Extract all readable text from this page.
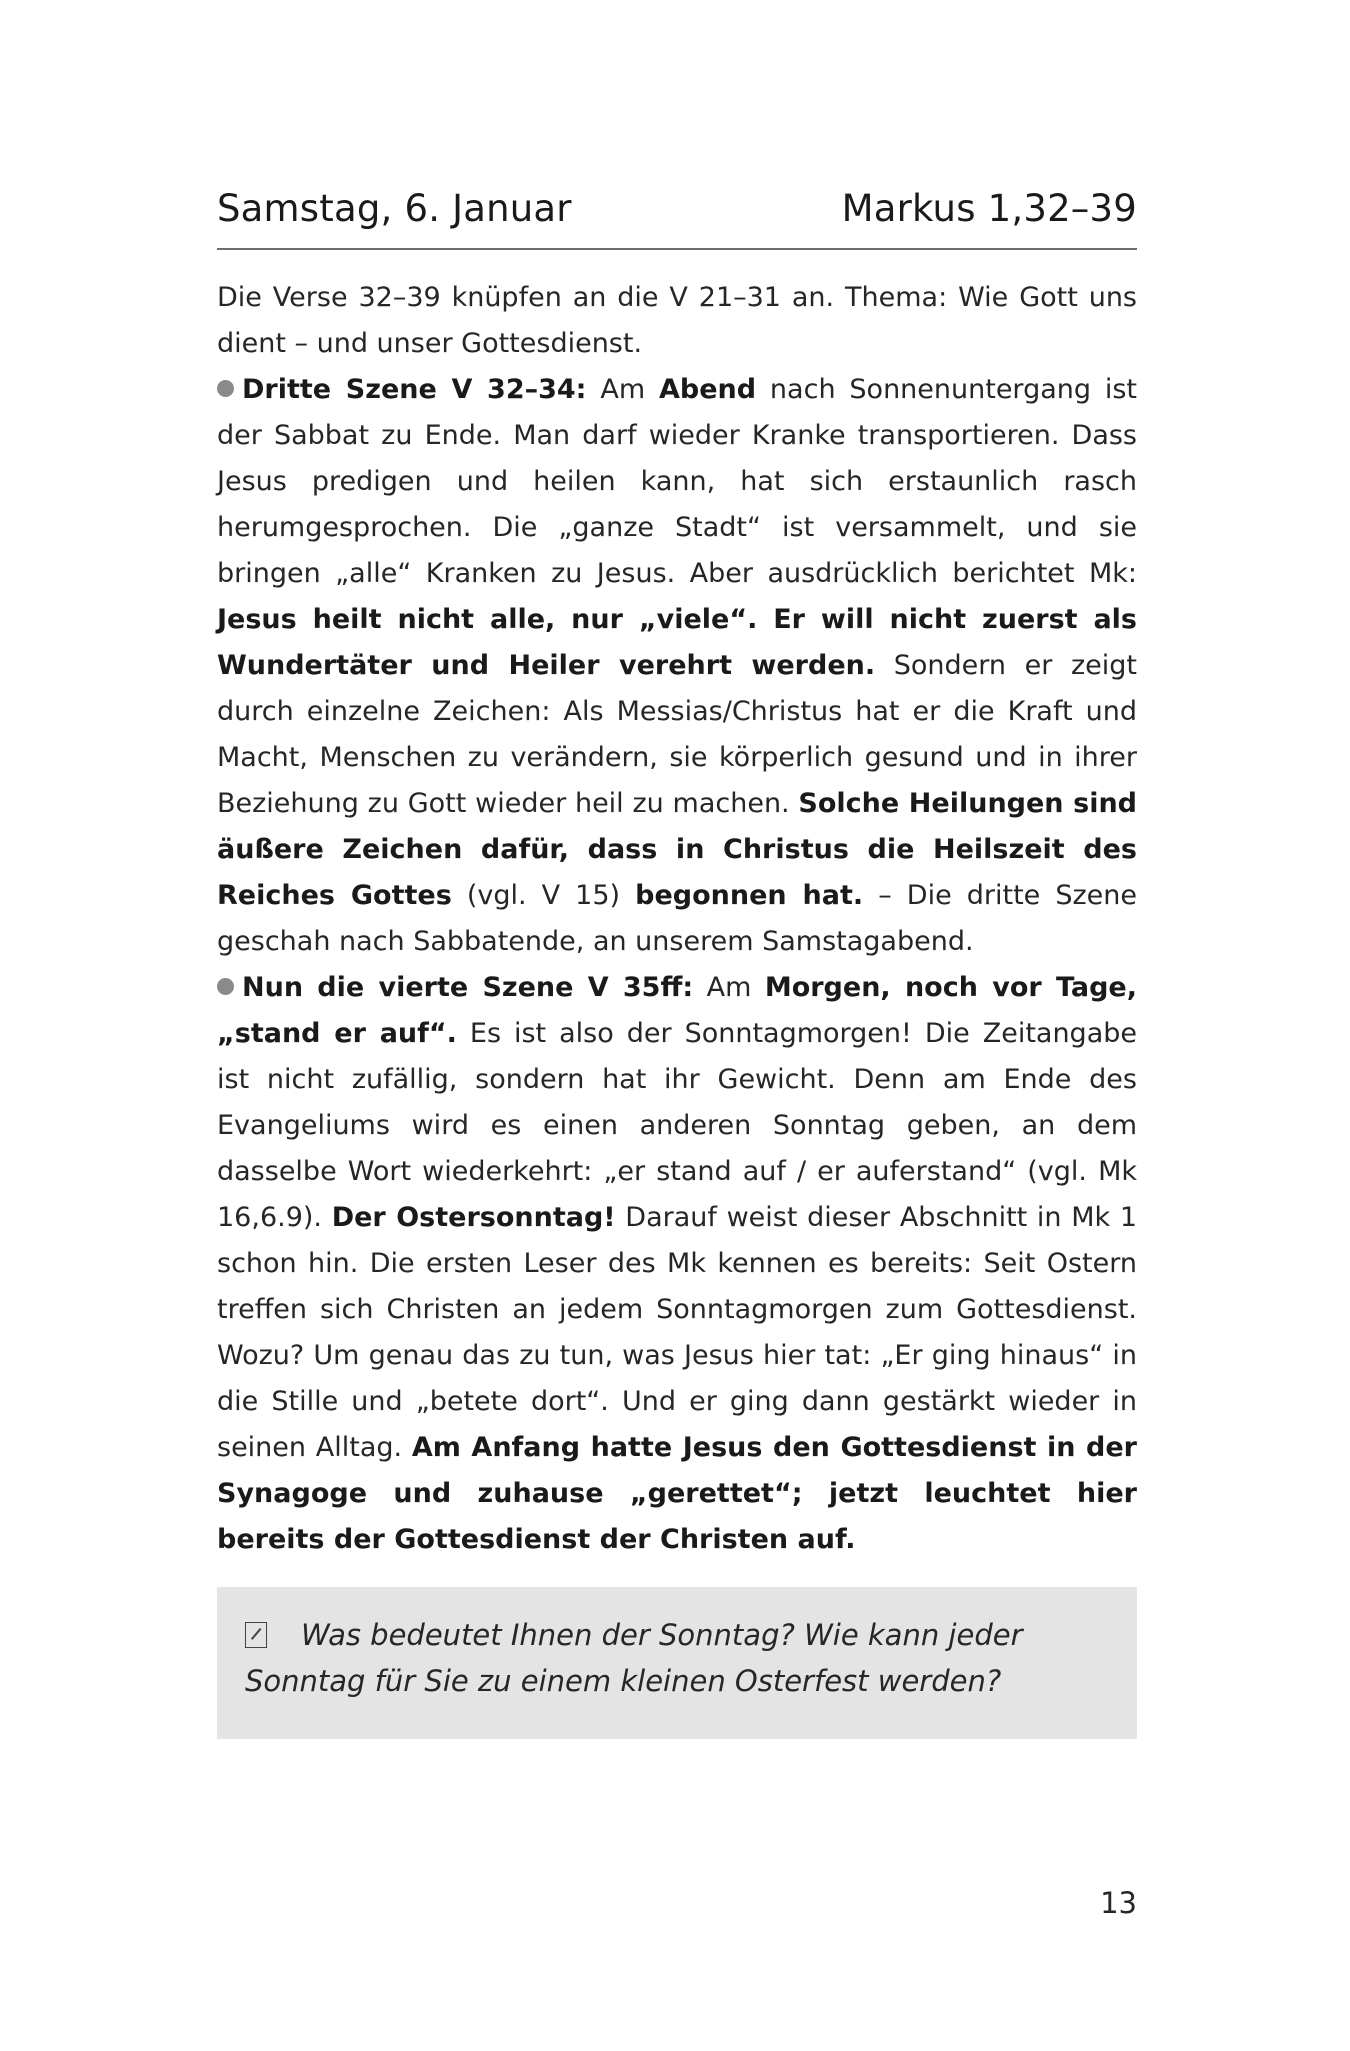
Samstag, 6. Januar	Markus 1,32–39

Die Verse 32–39 knüpfen an die V 21–31 an. Thema: Wie Gott uns dient – und unser Gottesdienst.

Dritte Szene V 32–34: Am Abend nach Sonnenuntergang ist der Sabbat zu Ende. Man darf wieder Kranke transportieren. Dass Jesus predigen und heilen kann, hat sich erstaunlich rasch herumgesprochen. Die „ganze Stadt“ ist versammelt, und sie bringen „alle“ Kranken zu Jesus. Aber ausdrücklich berichtet Mk: Jesus heilt nicht alle, nur „viele“. Er will nicht zuerst als Wundertäter und Heiler verehrt werden. Sondern er zeigt durch einzelne Zeichen: Als Messias/Christus hat er die Kraft und Macht, Menschen zu verändern, sie körperlich gesund und in ihrer Beziehung zu Gott wieder heil zu machen. Solche Heilungen sind äußere Zeichen dafür, dass in Christus die Heilszeit des Reiches Gottes (vgl. V 15) begonnen hat. – Die dritte Szene geschah nach Sabbatende, an unserem Samstagabend.

Nun die vierte Szene V 35ff: Am Morgen, noch vor Tage, „stand er auf“. Es ist also der Sonntagmorgen! Die Zeitangabe ist nicht zufällig, sondern hat ihr Gewicht. Denn am Ende des Evangeliums wird es einen anderen Sonntag geben, an dem dasselbe Wort wiederkehrt: „er stand auf / er auferstand“ (vgl. Mk 16,6.9). Der Ostersonntag! Darauf weist dieser Abschnitt in Mk 1 schon hin. Die ersten Leser des Mk kennen es bereits: Seit Ostern treffen sich Christen an jedem Sonntagmorgen zum Gottesdienst. Wozu? Um genau das zu tun, was Jesus hier tat: „Er ging hinaus“ in die Stille und „betete dort“. Und er ging dann gestärkt wieder in seinen Alltag. Am Anfang hatte Jesus den Gottesdienst in der Synagoge und zuhause „gerettet“; jetzt leuchtet hier bereits der Gottesdienst der Christen auf.

Was bedeutet Ihnen der Sonntag? Wie kann jeder Sonntag für Sie zu einem kleinen Osterfest werden?
13
